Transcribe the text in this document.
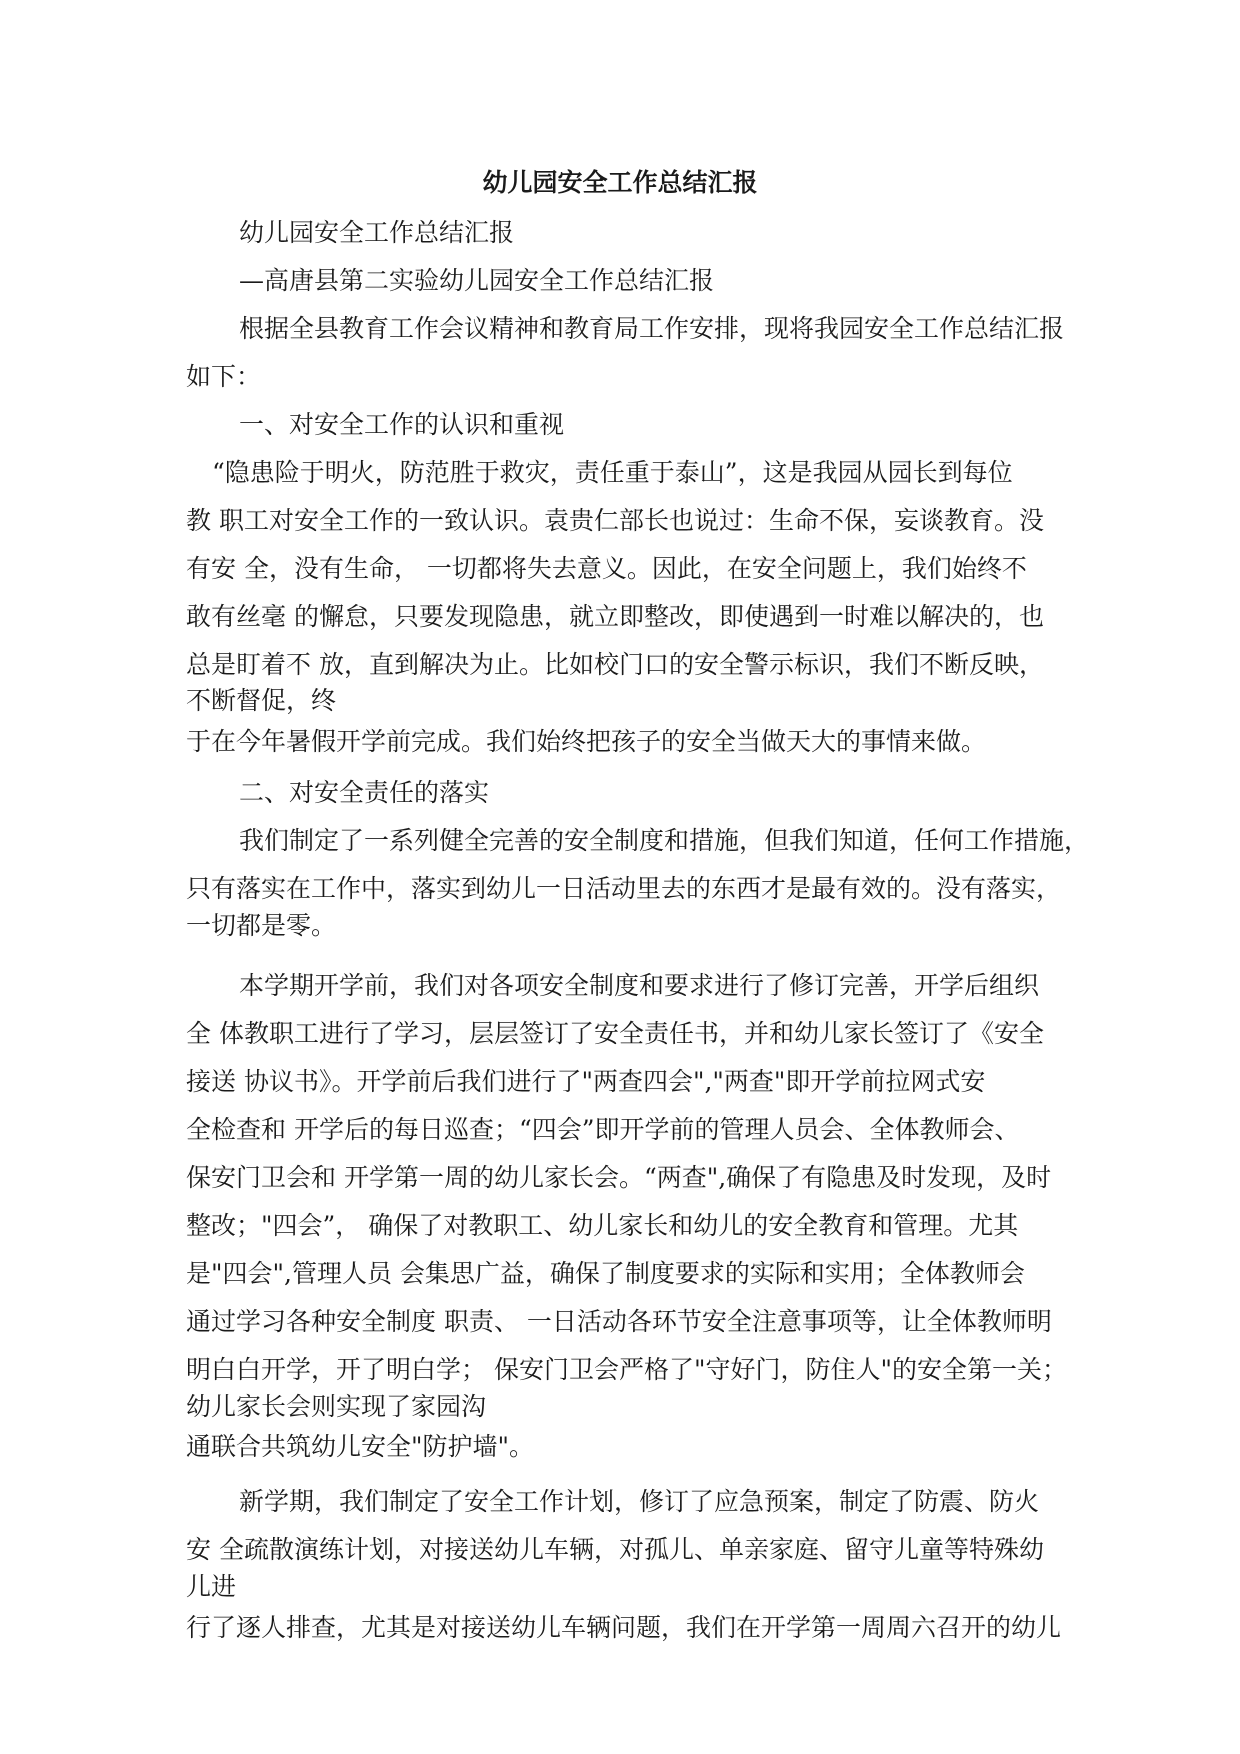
幼儿园安全工作总结汇报
幼儿园安全工作总结汇报
—高唐县第二实验幼儿园安全工作总结汇报
根据全县教育工作会议精神和教育局工作安排，现将我园安全工作总结汇报
如下：
一、对安全工作的认识和重视
“隐患险于明火，防范胜于救灾，责任重于泰山”，这是我园从园长到每位
教 职工对安全工作的一致认识。袁贵仁部长也说过：生命不保，妄谈教育。没
有安 全，没有生命， 一切都将失去意义。因此，在安全问题上，我们始终不
敢有丝毫 的懈怠，只要发现隐患，就立即整改，即使遇到一时难以解决的，也
总是盯着不 放，直到解决为止。比如校门口的安全警示标识，我们不断反映，
不断督促，终
于在今年暑假开学前完成。我们始终把孩子的安全当做天大的事情来做。
二、对安全责任的落实
我们制定了一系列健全完善的安全制度和措施，但我们知道，任何工作措施，
只有落实在工作中，落实到幼儿一日活动里去的东西才是最有效的。没有落实，
一切都是零。
本学期开学前，我们对各项安全制度和要求进行了修订完善，开学后组织
全 体教职工进行了学习，层层签订了安全责任书，并和幼儿家长签订了《安全
接送 协议书》。开学前后我们进行了"两查四会","两查"即开学前拉网式安
全检查和 开学后的每日巡查；“四会”即开学前的管理人员会、全体教师会、
保安门卫会和 开学第一周的幼儿家长会。“两查",确保了有隐患及时发现，及时
整改；"四会”， 确保了对教职工、幼儿家长和幼儿的安全教育和管理。尤其
是"四会",管理人员 会集思广益，确保了制度要求的实际和实用；全体教师会
通过学习各种安全制度 职责、 一日活动各环节安全注意事项等，让全体教师明
明白白开学，开了明白学； 保安门卫会严格了"守好门，防住人"的安全第一关；
幼儿家长会则实现了家园沟
通联合共筑幼儿安全"防护墙"。
新学期，我们制定了安全工作计划，修订了应急预案，制定了防震、防火
安 全疏散演练计划，对接送幼儿车辆，对孤儿、单亲家庭、留守儿童等特殊幼
儿进
行了逐人排查，尤其是对接送幼儿车辆问题，我们在开学第一周周六召开的幼儿
